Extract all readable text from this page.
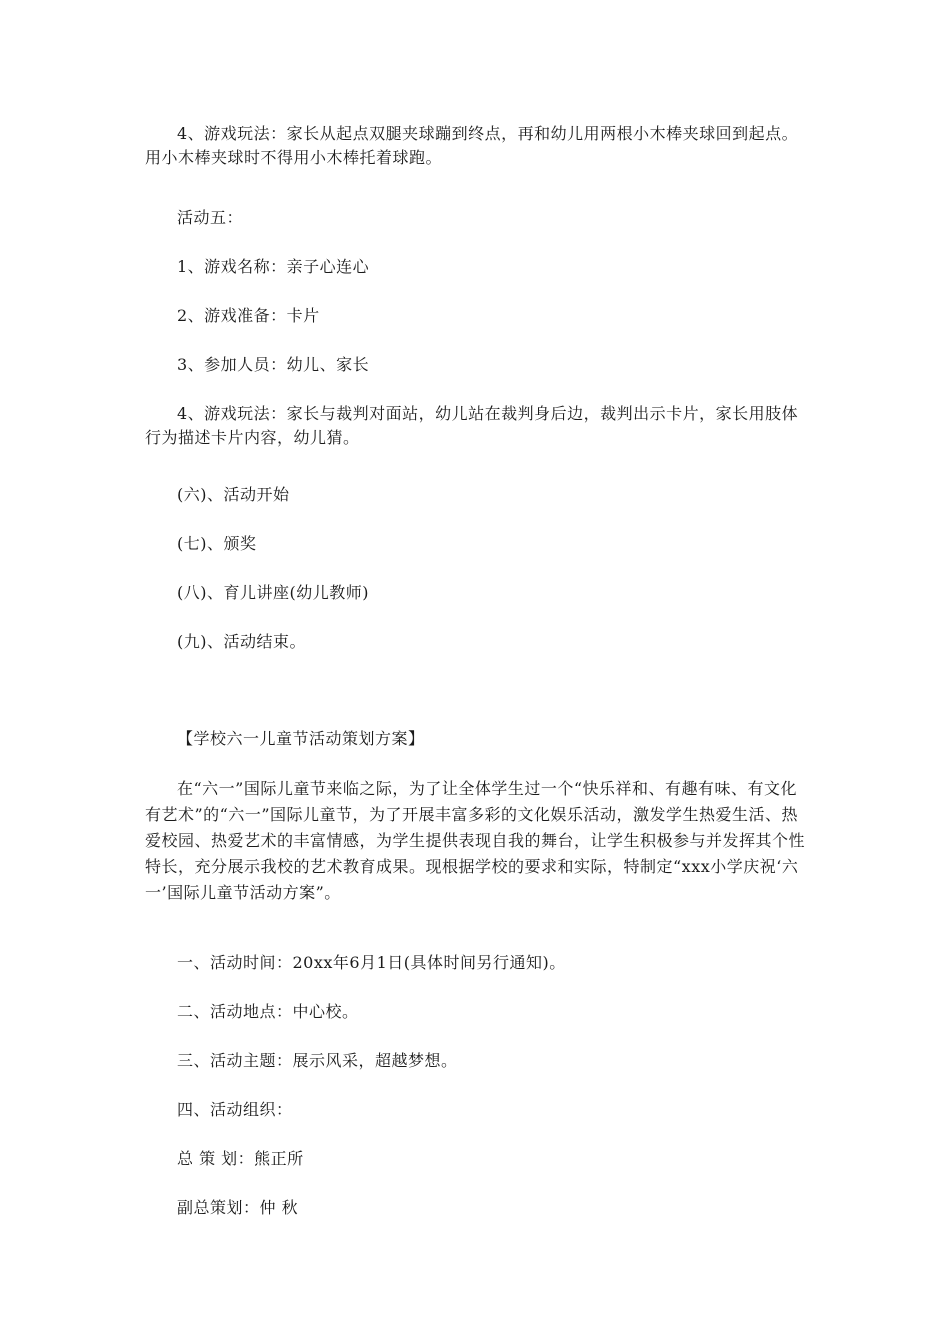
4、游戏玩法：家长从起点双腿夹球蹦到终点，再和幼儿用两根小木棒夹球回到起点。用小木棒夹球时不得用小木棒托着球跑。

活动五：

1、游戏名称：亲子心连心

2、游戏准备：卡片

3、参加人员：幼儿、家长

4、游戏玩法：家长与裁判对面站，幼儿站在裁判身后边，裁判出示卡片，家长用肢体行为描述卡片内容，幼儿猜。

(六)、活动开始

(七)、颁奖

(八)、育儿讲座(幼儿教师)

(九)、活动结束。

【学校六一儿童节活动策划方案】

在“六一”国际儿童节来临之际，为了让全体学生过一个“快乐祥和、有趣有味、有文化有艺术”的“六一”国际儿童节，为了开展丰富多彩的文化娱乐活动，激发学生热爱生活、热爱校园、热爱艺术的丰富情感，为学生提供表现自我的舞台，让学生积极参与并发挥其个性特长，充分展示我校的艺术教育成果。现根据学校的要求和实际，特制定“xxx小学庆祝‘六一’国际儿童节活动方案”。

一、活动时间：20xx年6月1日(具体时间另行通知)。

二、活动地点：中心校。

三、活动主题：展示风采，超越梦想。

四、活动组织：

总 策 划：熊正所

副总策划：仲 秋
